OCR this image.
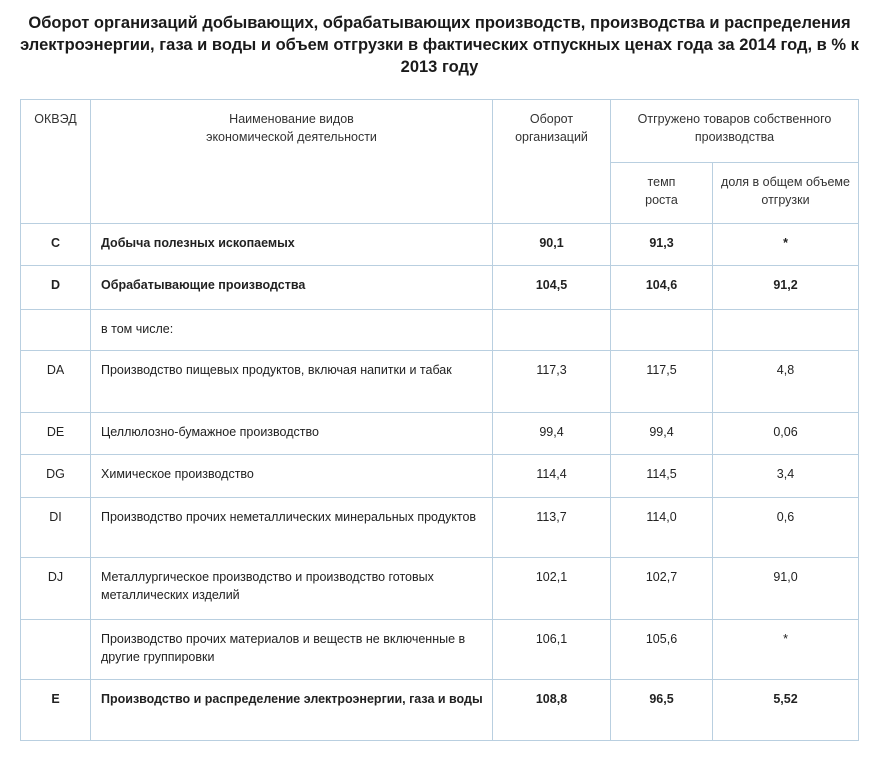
Оборот организаций добывающих, обрабатывающих производств, производства и распределения электроэнергии, газа и воды и объем отгрузки в фактических отпускных ценах года за 2014 год, в % к 2013 году
ОКВЭД	Наименование видов экономической деятельности	Оборот организаций	Отгружено товаров собственного производства	

			темп роста	доля в общем объеме отгрузки

C	Добыча полезных ископаемых	90,1	91,3	*
D	Обрабатывающие производства	104,5	104,6	91,2
	в том числе:			
DA	Производство пищевых продуктов, включая напитки и табак	117,3	117,5	4,8
DE	Целлюлозно-бумажное производство	99,4	99,4	0,06
DG	Химическое производство	114,4	114,5	3,4
DI	Производство прочих неметаллических минеральных продуктов	113,7	114,0	0,6
DJ	Металлургическое производство и производство готовых металлических изделий	102,1	102,7	91,0
	Производство прочих материалов и веществ не включенные в другие группировки	106,1	105,6	*
E	Производство и распределение электроэнергии, газа и воды	108,8	96,5	5,52
